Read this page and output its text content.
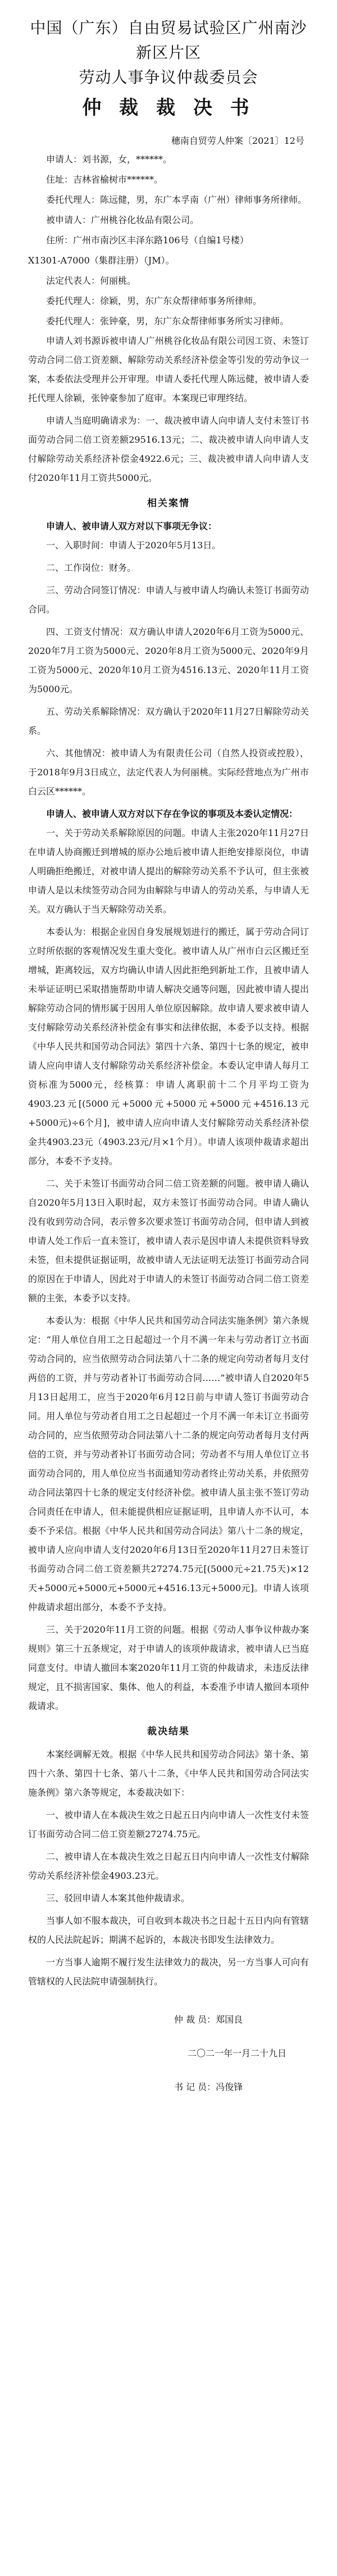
中国（广东）自由贸易试验区广州南沙新区片区
劳动人事争议仲裁委员会
仲 裁 裁 决 书
穗南自贸劳人仲案〔2021〕12号
申请人：刘书源，女，******。
住址：吉林省榆树市******。
委托代理人：陈远健，男，东广本孚南（广州）律师事务所律师。
被申请人：广州桃谷化妆品有限公司。
住所：广州市南沙区丰泽东路106号（自编1号楼）
X1301-A7000（集群注册）（JM）。
法定代表人：何丽桃。
委托代理人：徐颖，男，东广东众帮律师事务所律师。
委托代理人：张钟豪，男，东广东众帮律师事务所实习律师。
申请人刘书源诉被申请人广州桃谷化妆品有限公司因工资、未签订劳动合同二倍工资差额、解除劳动关系经济补偿金等引发的劳动争议一案，本委依法受理并公开审理。申请人委托代理人陈远健，被申请人委托代理人徐颖，张钟豪参加了庭审。本案现已审理终结。
申请人当庭明确请求为：一、裁决被申请人向申请人支付未签订书面劳动合同二倍工资差额29516.13元；二、裁决被申请人向申请人支付解除劳动关系经济补偿金4922.6元；三、裁决被申请人向申请人支付2020年11月工资共5000元。
相关案情
申请人、被申请人双方对以下事项无争议：
一、入职时间：申请人于2020年5月13日。
二、工作岗位：财务。
三、劳动合同签订情况：申请人与被申请人均确认未签订书面劳动合同。
四、工资支付情况：双方确认申请人2020年6月工资为5000元、2020年7月工资为5000元、2020年8月工资为5000元、2020年9月工资为5000元、2020年10月工资为4516.13元、2020年11月工资为5000元。
五、劳动关系解除情况：双方确认于2020年11月27日解除劳动关系。
六、其他情况：被申请人为有限责任公司（自然人投资或控股），于2018年9月3日成立，法定代表人为何丽桃。实际经营地点为广州市白云区******。
申请人、被申请人双方对以下存在争议的事项及本委认定情况：
一、关于劳动关系解除原因的问题。申请人主张2020年11月27日在申请人协商搬迁到增城的原办公地后被申请人拒绝安排原岗位，申请人明确拒绝搬迁，对被申请人提出的解除劳动关系不予认可，但主张被申请人是以未续签劳动合同为由解除与申请人的劳动关系，与申请人无关。双方确认于当天解除劳动关系。
本委认为：根据企业因自身发展规划进行的搬迁，属于劳动合同订立时所依据的客观情况发生重大变化。被申请人从广州市白云区搬迁至增城，距离较远，双方均确认申请人因此拒绝到新址工作，且被申请人未举证证明已采取措施帮助申请人解决交通等问题，因此被申请人提出解除劳动合同的情形属于因用人单位原因解除。故申请人要求被申请人支付解除劳动关系经济补偿金有事实和法律依据，本委予以支持。根据《中华人民共和国劳动合同法》第四十六条、第四十七条的规定，被申请人应向申请人支付解除劳动关系经济补偿金。本委认定申请人每月工资标准为5000元，经核算：申请人离职前十二个月平均工资为4903.23元[(5000元+5000元+5000元+5000元+4516.13元+5000元)÷6个月]，被申请人应向申请人支付解除劳动关系经济补偿金共4903.23元（4903.23元/月×1个月）。申请人该项仲裁请求超出部分，本委不予支持。
二、关于未签订书面劳动合同二倍工资差额的问题。被申请人确认自2020年5月13日入职时起，双方未签订书面劳动合同。申请人确认没有收到劳动合同，表示曾多次要求签订书面劳动合同，但申请人到被申请人处工作后一直未签订，被申请人表示是因申请人未提供资料导致未签，但未提供证据证明，故被申请人无法证明无法签订书面劳动合同的原因在于申请人，因此对于申请人的未签订书面劳动合同二倍工资差额的主张，本委予以支持。
本委认为：根据《中华人民共和国劳动合同法实施条例》第六条规定：“用人单位自用工之日起超过一个月不满一年未与劳动者订立书面劳动合同的，应当依照劳动合同法第八十二条的规定向劳动者每月支付两倍的工资，并与劳动者补订书面劳动合同……”被申请人自2020年5月13日起用工，应当于2020年6月12日前与申请人签订书面劳动合同。用人单位与劳动者自用工之日起超过一个月不满一年未订立书面劳动合同的，应当依照劳动合同法第八十二条的规定向劳动者每月支付两倍的工资，并与劳动者补订书面劳动合同；劳动者不与用人单位订立书面劳动合同的，用人单位应当书面通知劳动者终止劳动关系，并依照劳动合同法第四十七条的规定支付经济补偿。被申请人虽主张不签订劳动合同责任在申请人，但未能提供相应证据证明，且申请人亦不认可，本委不予采信。根据《中华人民共和国劳动合同法》第八十二条的规定，被申请人应向申请人支付2020年6月13日至2020年11月27日未签订书面劳动合同二倍工资差额共27274.75元[(5000元÷21.75天)×12天+5000元+5000元+5000元+4516.13元+5000元]。申请人该项仲裁请求超出部分，本委不予支持。
三、关于2020年11月工资的问题。根据《劳动人事争议仲裁办案规则》第三十五条规定，对于申请人的该项仲裁请求，被申请人已当庭同意支付。申请人撤回本案2020年11月工资的仲裁请求，未违反法律规定，且不损害国家、集体、他人的利益，本委准予申请人撤回本项仲裁请求。
裁决结果
本案经调解无效。根据《中华人民共和国劳动合同法》第十条、第四十六条、第四十七条、第八十二条，《中华人民共和国劳动合同法实施条例》第六条等规定，本委裁决如下：
一、被申请人在本裁决生效之日起五日内向申请人一次性支付未签订书面劳动合同二倍工资差额27274.75元。
二、被申请人在本裁决生效之日起五日内向申请人一次性支付解除劳动关系经济补偿金4903.23元。
三、驳回申请人本案其他仲裁请求。
当事人如不服本裁决，可自收到本裁决书之日起十五日内向有管辖权的人民法院起诉；期满不起诉的，本裁决书即发生法律效力。
一方当事人逾期不履行发生法律效力的裁决，另一方当事人可向有管辖权的人民法院申请强制执行。
仲 裁 员：郑国良
二〇二一年一月二十九日
书 记 员：冯俊锋
